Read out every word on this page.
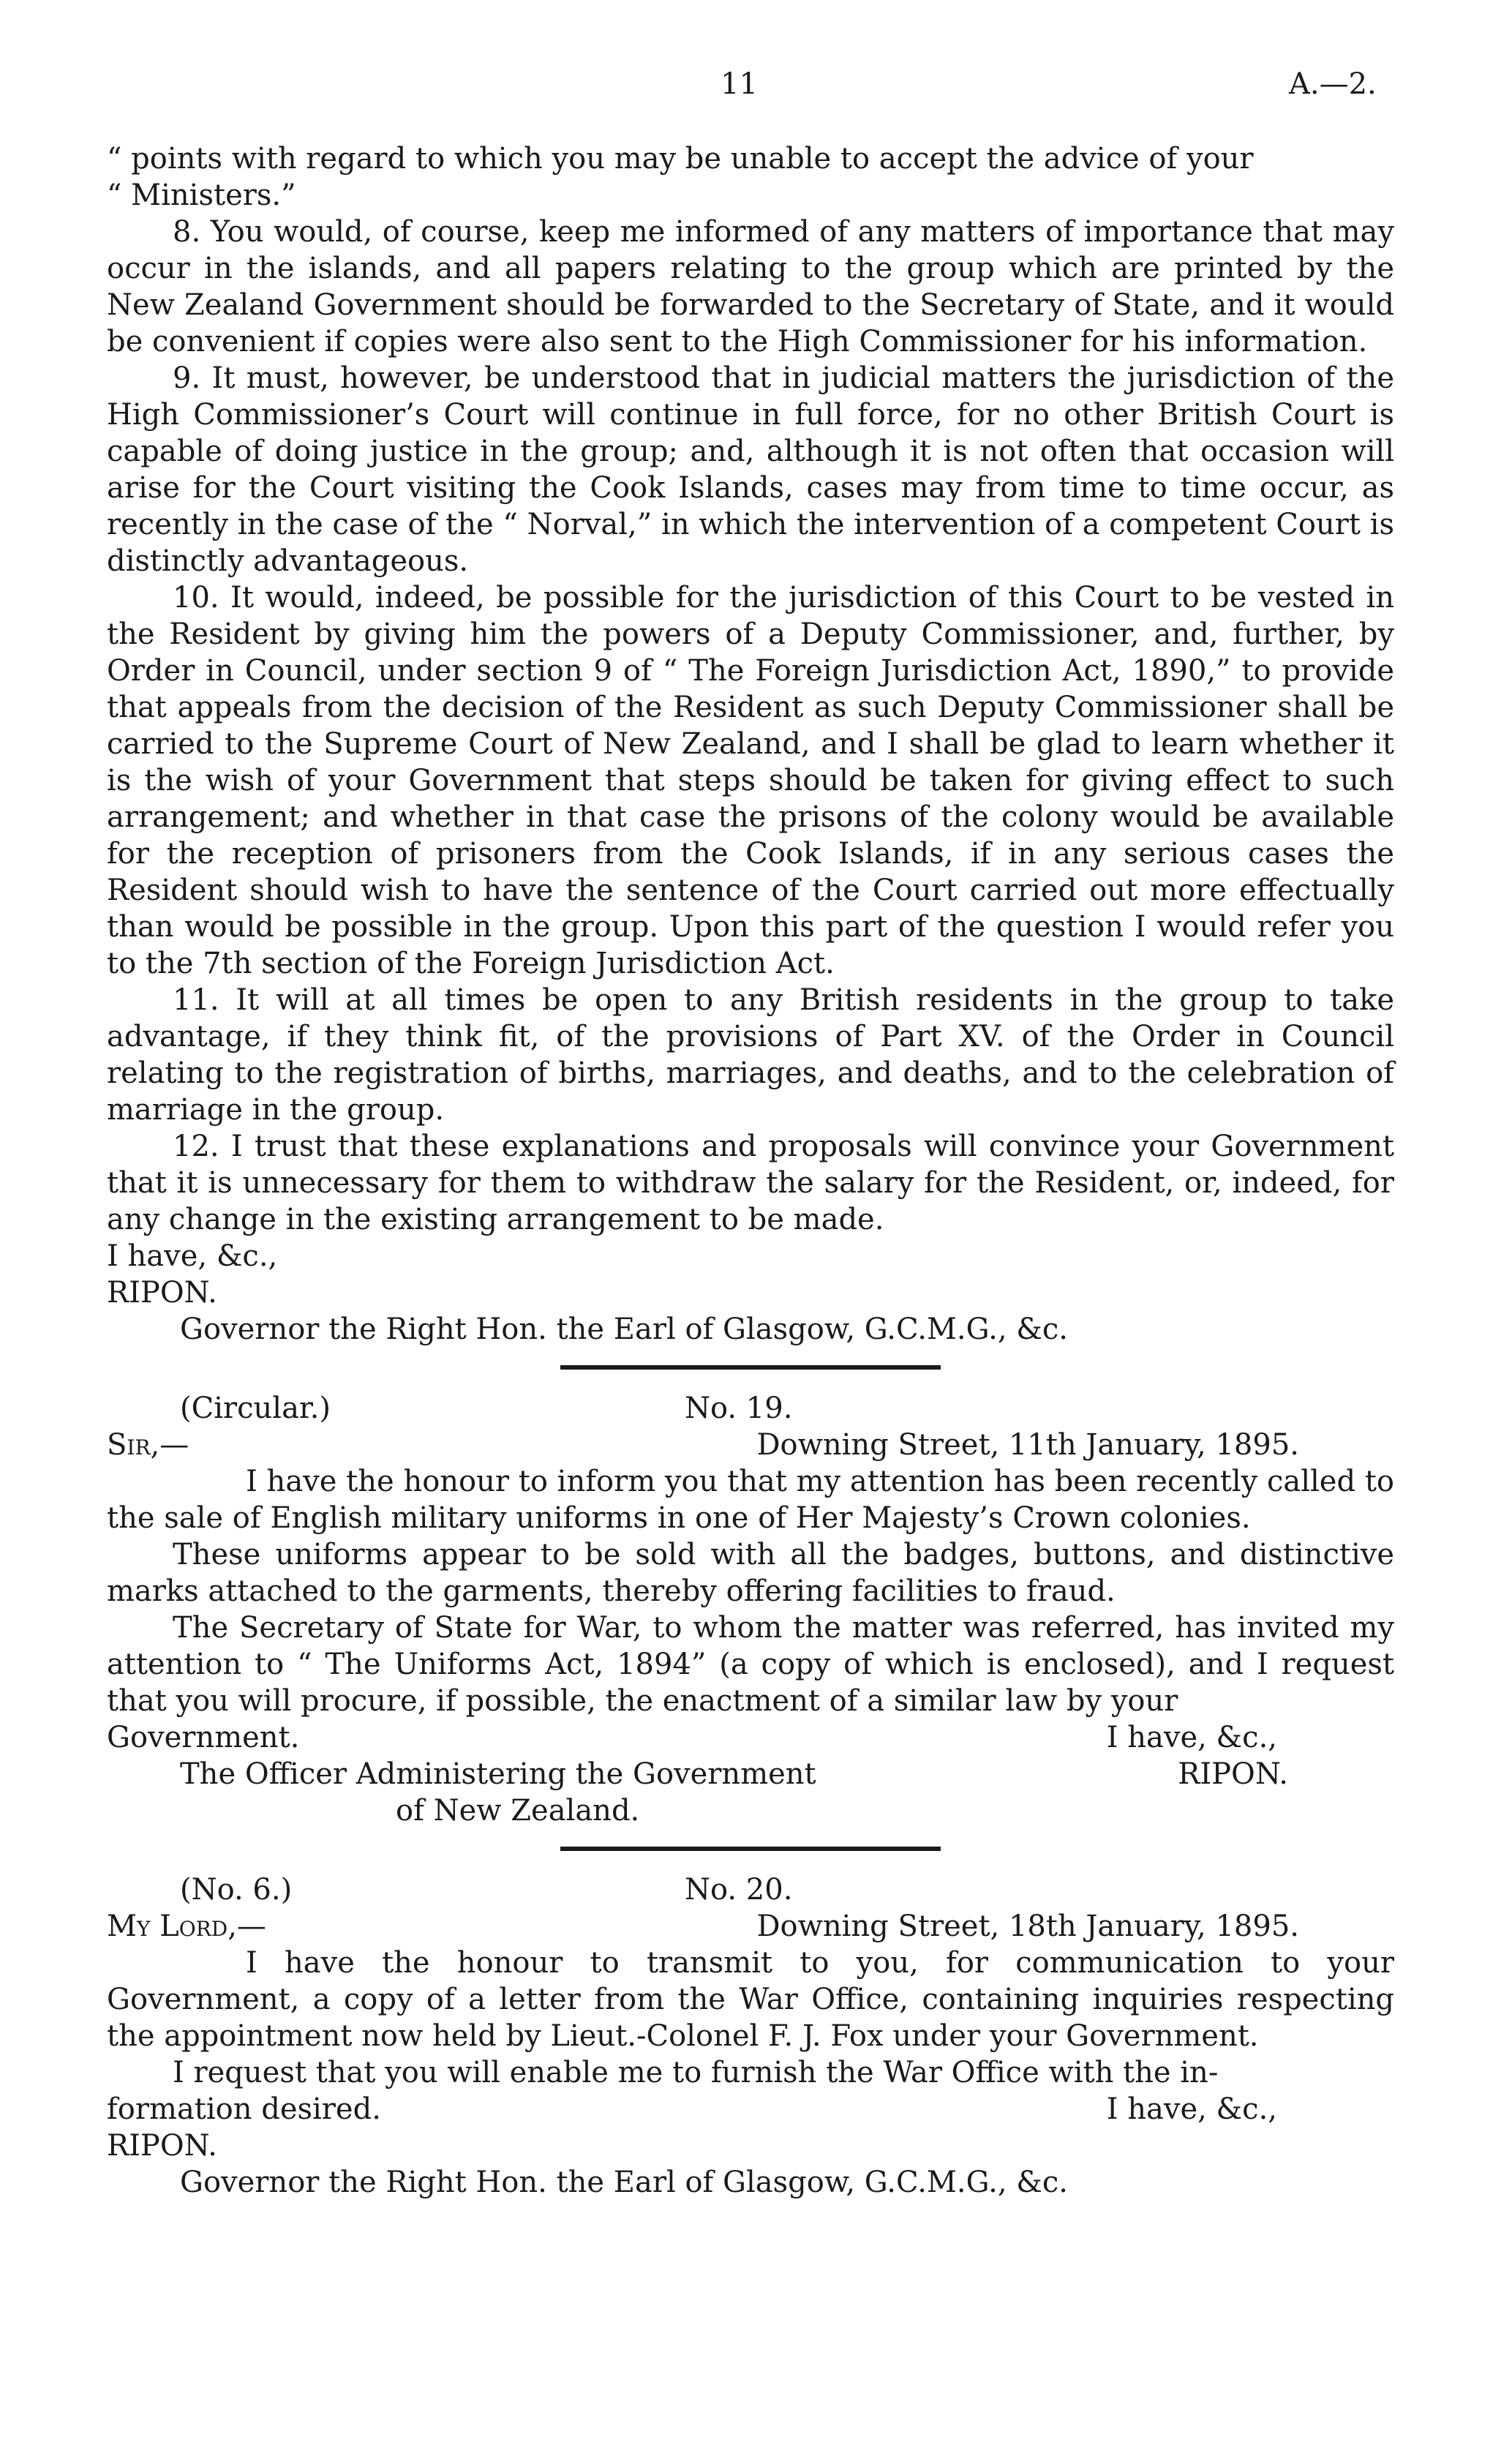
11	A.—2.

“ points with regard to which you may be unable to accept the advice of your

“ Ministers.”

8. You would, of course, keep me informed of any matters of importance that may occur in the islands, and all papers relating to the group which are printed by the New Zealand Government should be forwarded to the Secretary of State, and it would be convenient if copies were also sent to the High Commissioner for his information.

9. It must, however, be understood that in judicial matters the jurisdiction of the High Commissioner’s Court will continue in full force, for no other British Court is capable of doing justice in the group; and, although it is not often that occasion will arise for the Court visiting the Cook Islands, cases may from time to time occur, as recently in the case of the “ Norval,” in which the intervention of a competent Court is distinctly advantageous.

10. It would, indeed, be possible for the jurisdiction of this Court to be vested in the Resident by giving him the powers of a Deputy Commissioner, and, further, by Order in Council, under section 9 of “ The Foreign Jurisdiction Act, 1890,” to provide that appeals from the decision of the Resident as such Deputy Commissioner shall be carried to the Supreme Court of New Zealand, and I shall be glad to learn whether it is the wish of your Government that steps should be taken for giving effect to such arrangement; and whether in that case the prisons of the colony would be available for the reception of prisoners from the Cook Islands, if in any serious cases the Resident should wish to have the sentence of the Court carried out more effectually than would be possible in the group. Upon this part of the question I would refer you to the 7th section of the Foreign Jurisdiction Act.

11. It will at all times be open to any British residents in the group to take advantage, if they think fit, of the provisions of Part XV. of the Order in Council relating to the registration of births, marriages, and deaths, and to the celebration of marriage in the group.

12. I trust that these explanations and proposals will convince your Government that it is unnecessary for them to withdraw the salary for the Resident, or, indeed, for any change in the existing arrangement to be made.

I have, &c.,

RIPON.

Governor the Right Hon. the Earl of Glasgow, G.C.M.G., &c.

(Circular.)	No. 19.
Sir,—	Downing Street, 11th January, 1895.

I have the honour to inform you that my attention has been recently called to the sale of English military uniforms in one of Her Majesty’s Crown colonies.

These uniforms appear to be sold with all the badges, buttons, and distinctive marks attached to the garments, thereby offering facilities to fraud.

The Secretary of State for War, to whom the matter was referred, has invited my attention to “ The Uniforms Act, 1894” (a copy of which is enclosed), and I request that you will procure, if possible, the enactment of a similar law by your

Government.	I have, &c.,
The Officer Administering the Government	RIPON.

of New Zealand.

(No. 6.)	No. 20.
My Lord,—	Downing Street, 18th January, 1895.

I have the honour to transmit to you, for communication to your Government, a copy of a letter from the War Office, containing inquiries respecting the appointment now held by Lieut.-Colonel F. J. Fox under your Government.

I request that you will enable me to furnish the War Office with the in-

formation desired.	I have, &c.,

RIPON.

Governor the Right Hon. the Earl of Glasgow, G.C.M.G., &c.
